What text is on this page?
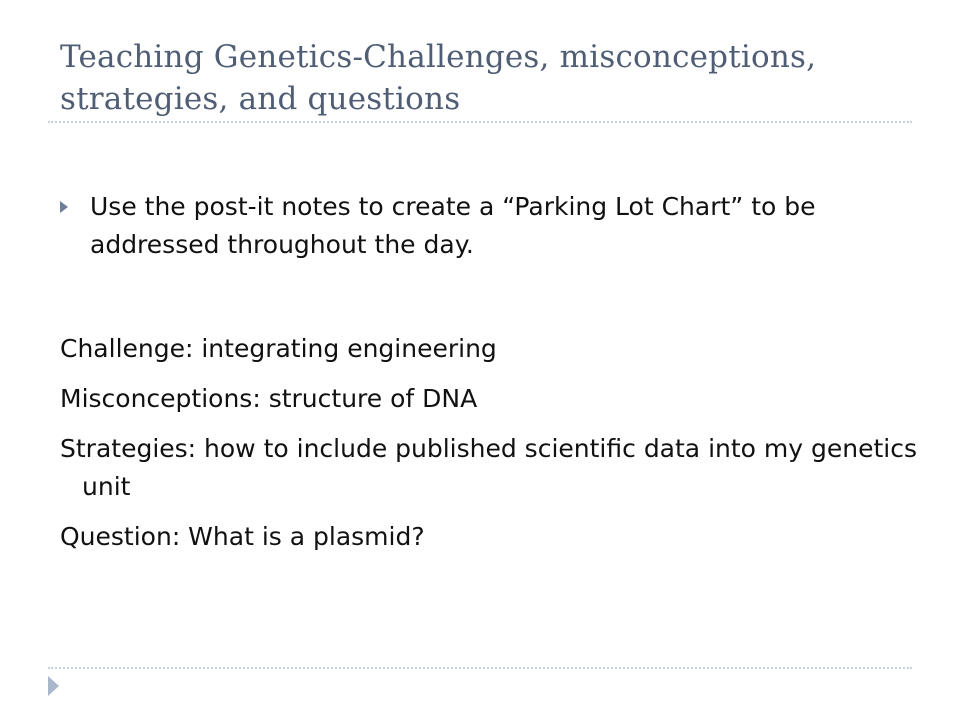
Teaching Genetics-Challenges, misconceptions, strategies, and questions
Use the post-it notes to create a “Parking Lot Chart” to be addressed throughout the day.
Challenge: integrating engineering
Misconceptions: structure of DNA
Strategies: how to include published scientific data into my genetics unit
Question: What is a plasmid?
